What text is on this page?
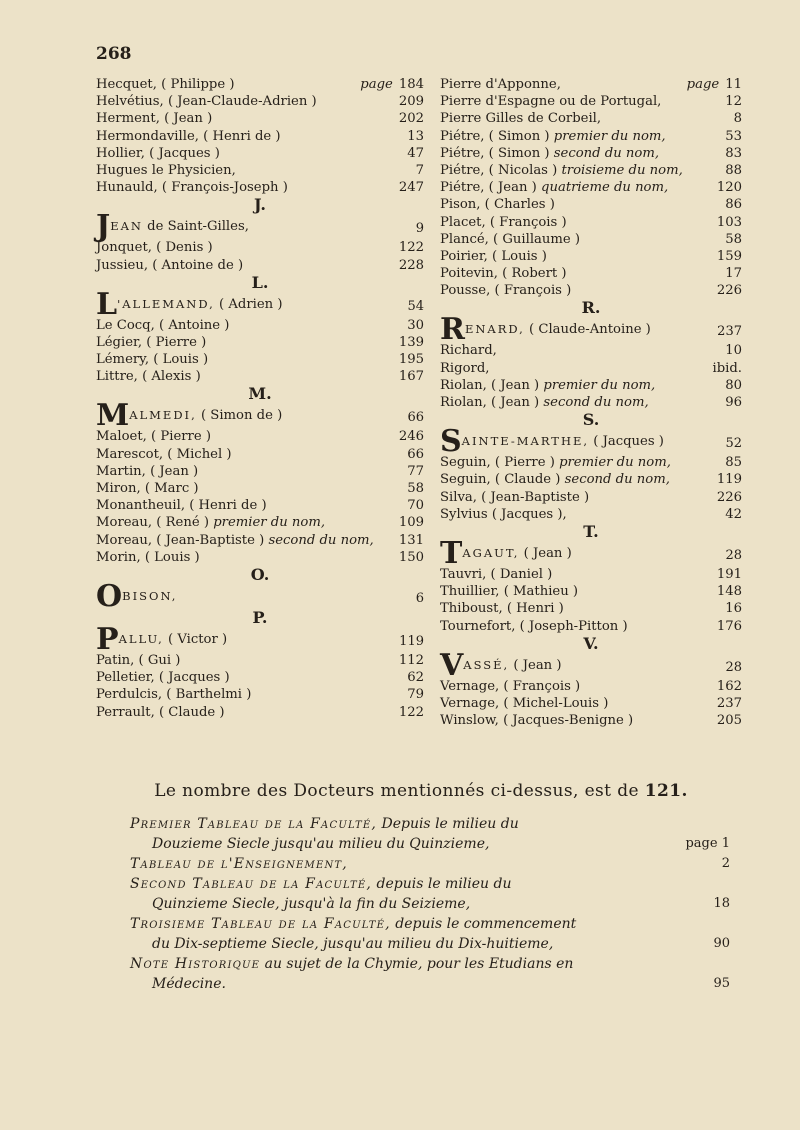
268
Hecquet, ( Philippe )	page 184
Helvétius, ( Jean-Claude-Adrien )	209
Herment, ( Jean )	202
Hermondaville, ( Henri de )	13
Hollier, ( Jacques )	47
Hugues le Physicien,	7
Hunauld, ( François-Joseph )	247
J.
JEAN de Saint-Gilles,	9
Jonquet, ( Denis )	122
Jussieu, ( Antoine de )	228
L.
L'ALLEMAND, ( Adrien )	54
Le Cocq, ( Antoine )	30
Légier, ( Pierre )	139
Lémery, ( Louis )	195
Littre, ( Alexis )	167
M.
MALMEDI, ( Simon de )	66
Maloet, ( Pierre )	246
Marescot, ( Michel )	66
Martin, ( Jean )	77
Miron, ( Marc )	58
Monantheuil, ( Henri de )	70
Moreau, ( René ) premier du nom,	109
Moreau, ( Jean-Baptiste ) second du nom, 131
Morin, ( Louis )	150
O.
OBISON,	6
P.
PALLU, ( Victor )	119
Patin, ( Gui )	112
Pelletier, ( Jacques )	62
Perdulcis, ( Barthelmi )	79
Perrault, ( Claude )	122
Pierre d'Apponne,	page 11
Pierre d'Espagne ou de Portugal,	12
Pierre Gilles de Corbeil,	8
Piétre, ( Simon ) premier du nom,	53
Piétre, ( Simon ) second du nom,	83
Piétre, ( Nicolas ) troisieme du nom,	88
Piétre, ( Jean ) quatrieme du nom,	120
Pison, ( Charles )	86
Placet, ( François )	103
Plancé, ( Guillaume )	58
Poirier, ( Louis )	159
Poitevin, ( Robert )	17
Pousse, ( François )	226
R.
RENARD, ( Claude-Antoine )	237
Richard,	10
Rigord,	ibid.
Riolan, ( Jean ) premier du nom,	80
Riolan, ( Jean ) second du nom,	96
S.
SAINTE-MARTHE, ( Jacques )	52
Seguin, ( Pierre ) premier du nom,	85
Seguin, ( Claude ) second du nom,	119
Silva, ( Jean-Baptiste )	226
Sylvius ( Jacques ),	42
T.
TAGAUT, ( Jean )	28
Tauvri, ( Daniel )	191
Thuillier, ( Mathieu )	148
Thiboust, ( Henri )	16
Tournefort, ( Joseph-Pitton )	176
V.
VASSÉ, ( Jean )	28
Vernage, ( François )	162
Vernage, ( Michel-Louis )	237
Winslow, ( Jacques-Benigne )	205
Le nombre des Docteurs mentionnés ci-dessus, est de 121.
Premier Tableau de la Faculté, Depuis le milieu du
Douzieme Siecle jusqu'au milieu du Quinzieme,	page 1
Tableau de l'Enseignement,	2
Second Tableau de la Faculté, depuis le milieu du
Quinzieme Siecle, jusqu'à la fin du Seizieme,	18
Troisieme Tableau de la Faculté, depuis le commencement
du Dix-septieme Siecle, jusqu'au milieu du Dix-huitieme,	90
Note Historique au sujet de la Chymie, pour les Etudians en
Médecine.	95
